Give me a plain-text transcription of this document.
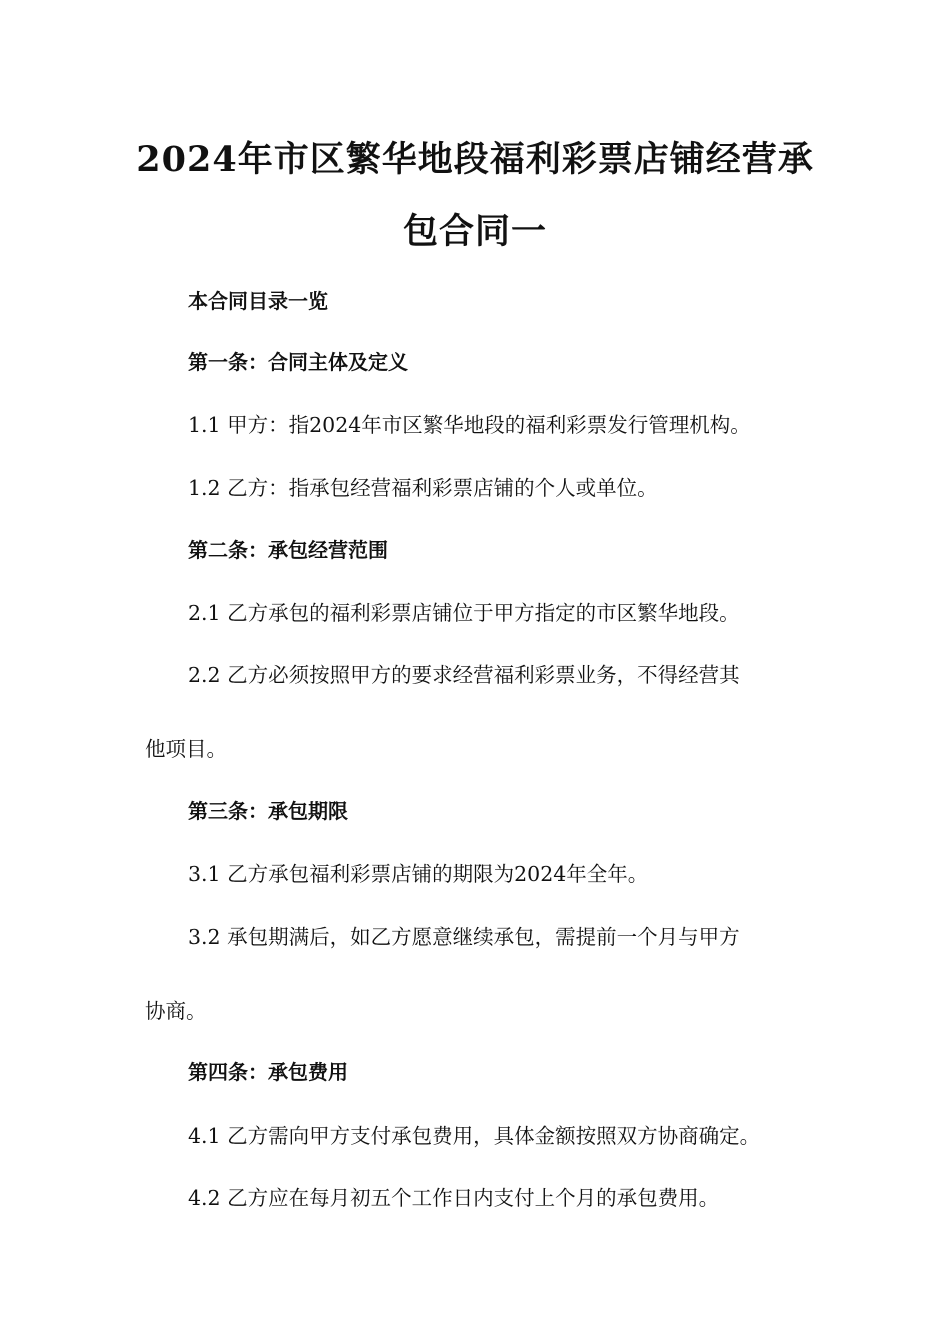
2024年市区繁华地段福利彩票店铺经营承
包合同一

本合同目录一览

第一条：合同主体及定义

1.1 甲方：指2024年市区繁华地段的福利彩票发行管理机构。

1.2 乙方：指承包经营福利彩票店铺的个人或单位。

第二条：承包经营范围

2.1 乙方承包的福利彩票店铺位于甲方指定的市区繁华地段。

2.2 乙方必须按照甲方的要求经营福利彩票业务，不得经营其

他项目。

第三条：承包期限

3.1 乙方承包福利彩票店铺的期限为2024年全年。

3.2 承包期满后，如乙方愿意继续承包，需提前一个月与甲方

协商。

第四条：承包费用

4.1 乙方需向甲方支付承包费用，具体金额按照双方协商确定。

4.2 乙方应在每月初五个工作日内支付上个月的承包费用。
